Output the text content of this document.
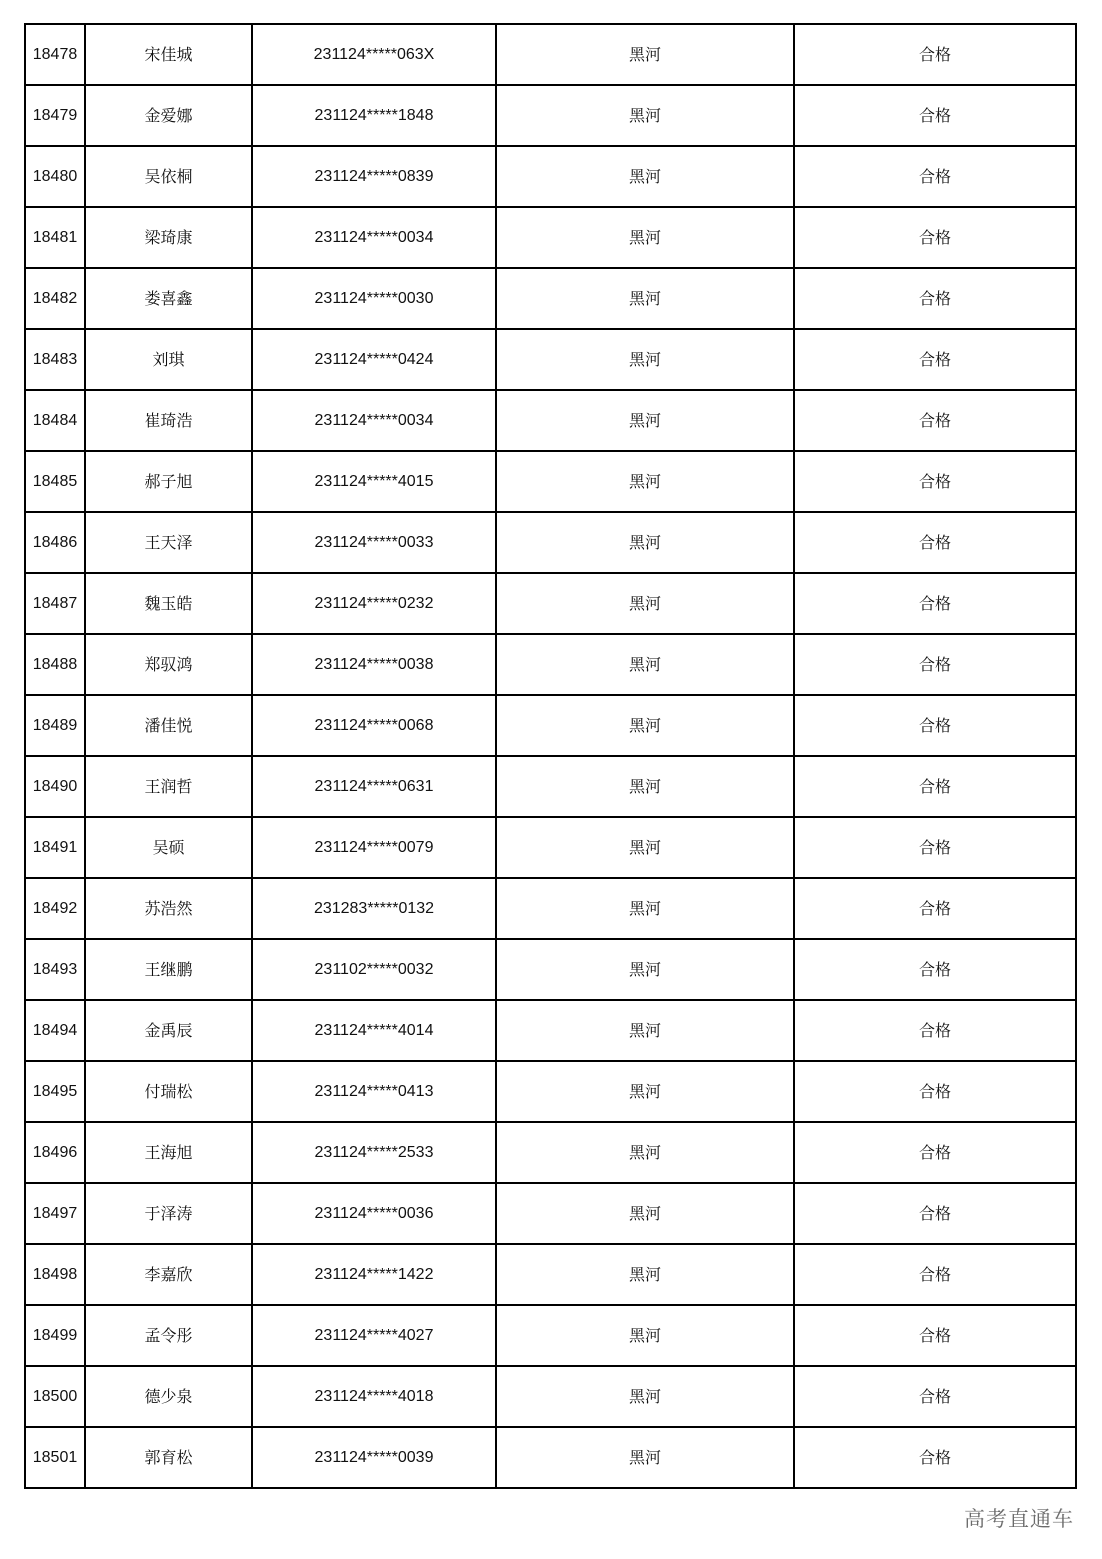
18478	宋佳城	231124*****063X	黑河	合格
18479	金爱娜	231124*****1848	黑河	合格
18480	吴依桐	231124*****0839	黑河	合格
18481	梁琦康	231124*****0034	黑河	合格
18482	娄喜鑫	231124*****0030	黑河	合格
18483	刘琪	231124*****0424	黑河	合格
18484	崔琦浩	231124*****0034	黑河	合格
18485	郝子旭	231124*****4015	黑河	合格
18486	王天泽	231124*****0033	黑河	合格
18487	魏玉皓	231124*****0232	黑河	合格
18488	郑驭鸿	231124*****0038	黑河	合格
18489	潘佳悦	231124*****0068	黑河	合格
18490	王润哲	231124*****0631	黑河	合格
18491	吴硕	231124*****0079	黑河	合格
18492	苏浩然	231283*****0132	黑河	合格
18493	王继鹏	231102*****0032	黑河	合格
18494	金禹辰	231124*****4014	黑河	合格
18495	付瑞松	231124*****0413	黑河	合格
18496	王海旭	231124*****2533	黑河	合格
18497	于泽涛	231124*****0036	黑河	合格
18498	李嘉欣	231124*****1422	黑河	合格
18499	孟令彤	231124*****4027	黑河	合格
18500	德少泉	231124*****4018	黑河	合格
18501	郭育松	231124*****0039	黑河	合格
高考直通车
